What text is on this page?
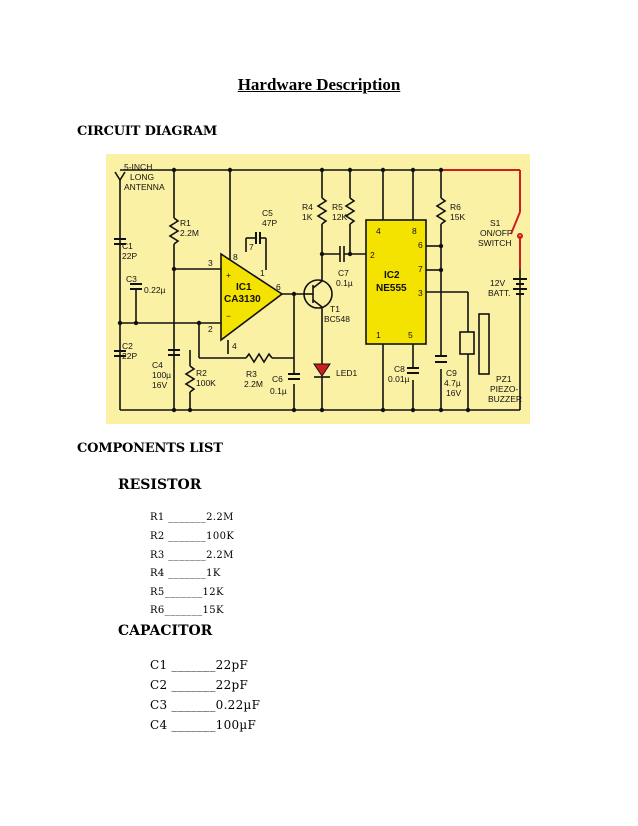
Hardware Description
CIRCUIT DIAGRAM
5-INCH
LONG
ANTENNA
R1
2.2M
C1
22P
C3
0.22µ
C2
22P
C4
100µ
16V
R2
100K
C5
47P
IC1
CA3130
R3
2.2M C6
0.1µ
R4
1K
R5
12K
C7
0.1µ
T1
BC548
LED1
IC2
NE555
R6
15K
C8
0.01µ
C9
4.7µ
16V
S1
ON/OFF
SWITCH
12V
BATT.
PZ1
PIEZO-
BUZZER
3
2
4
6
7
8
1
+
−
4	8
2
6
7
3
1	5
COMPONENTS LIST
RESISTOR
R1 _______2.2M
R2 _______100K
R3 _______2.2M
R4 _______1K
R5_______12K
R6_______15K
CAPACITOR
C1 _______22pF
C2 _______22pF
C3 _______0.22µF
C4 _______100µF
